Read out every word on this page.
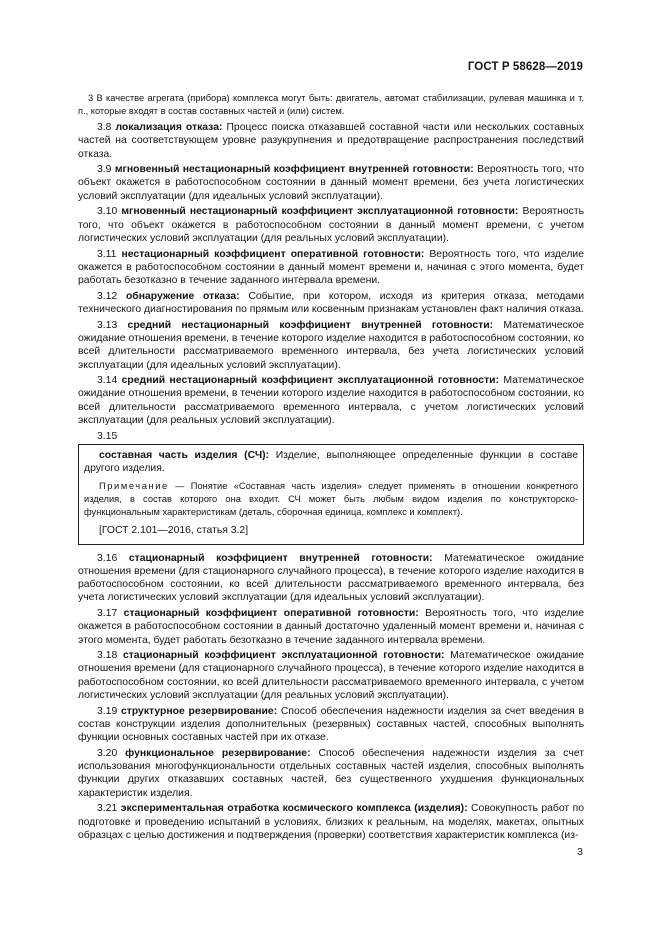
ГОСТ Р 58628—2019
3 В качестве агрегата (прибора) комплекса могут быть: двигатель, автомат стабилизации, рулевая машинка и т. п., которые входят в состав составных частей и (или) систем.

3.8 локализация отказа: Процесс поиска отказавшей составной части или нескольких составных частей на соответствующем уровне разукрупнения и предотвращение распространения последствий отказа.

3.9 мгновенный нестационарный коэффициент внутренней готовности: Вероятность того, что объект окажется в работоспособном состоянии в данный момент времени, без учета логистических условий эксплуатации (для идеальных условий эксплуатации).

3.10 мгновенный нестационарный коэффициент эксплуатационной готовности: Вероятность того, что объект окажется в работоспособном состоянии в данный момент времени, с учетом логистических условий эксплуатации (для реальных условий эксплуатации).

3.11 нестационарный коэффициент оперативной готовности: Вероятность того, что изделие окажется в работоспособном состоянии в данный момент времени и, начиная с этого момента, будет работать безотказно в течение заданного интервала времени.

3.12 обнаружение отказа: Событие, при котором, исходя из критерия отказа, методами технического диагностирования по прямым или косвенным признакам установлен факт наличия отказа.

3.13 средний нестационарный коэффициент внутренней готовности: Математическое ожидание отношения времени, в течение которого изделие находится в работоспособном состоянии, ко всей длительности рассматриваемого временного интервала, без учета логистических условий эксплуатации (для идеальных условий эксплуатации).

3.14 средний нестационарный коэффициент эксплуатационной готовности: Математическое ожидание отношения времени, в течении которого изделие находится в работоспособном состоянии, ко всей длительности рассматриваемого временного интервала, с учетом логистических условий эксплуатации (для реальных условий эксплуатации).

3.15

составная часть изделия (СЧ): Изделие, выполняющее определенные функции в составе другого изделия.

Примечание — Понятие «Составная часть изделия» следует применять в отношении конкретного изделия, в состав которого она входит. СЧ может быть любым видом изделия по конструкторско-функциональным характеристикам (деталь, сборочная единица, комплекс и комплект).

[ГОСТ 2.101—2016, статья 3.2]

3.16 стационарный коэффициент внутренней готовности: Математическое ожидание отношения времени (для стационарного случайного процесса), в течение которого изделие находится в работоспособном состоянии, ко всей длительности рассматриваемого временного интервала, без учета логистических условий эксплуатации (для идеальных условий эксплуатации).

3.17 стационарный коэффициент оперативной готовности: Вероятность того, что изделие окажется в работоспособном состоянии в данный достаточно удаленный момент времени и, начиная с этого момента, будет работать безотказно в течение заданного интервала времени.

3.18 стационарный коэффициент эксплуатационной готовности: Математическое ожидание отношения времени (для стационарного случайного процесса), в течение которого изделие находится в работоспособном состоянии, ко всей длительности рассматриваемого временного интервала, с учетом логистических условий эксплуатации (для реальных условий эксплуатации).

3.19 структурное резервирование: Способ обеспечения надежности изделия за счет введения в состав конструкции изделия дополнительных (резервных) составных частей, способных выполнять функции основных составных частей при их отказе.

3.20 функциональное резервирование: Способ обеспечения надежности изделия за счет использования многофункциональности отдельных составных частей изделия, способных выполнять функции других отказавших составных частей, без существенного ухудшения функциональных характеристик изделия.

3.21 экспериментальная отработка космического комплекса (изделия): Совокупность работ по подготовке и проведению испытаний в условиях, близких к реальным, на моделях, макетах, опытных образцах с целью достижения и подтверждения (проверки) соответствия характеристик комплекса (из-

3
